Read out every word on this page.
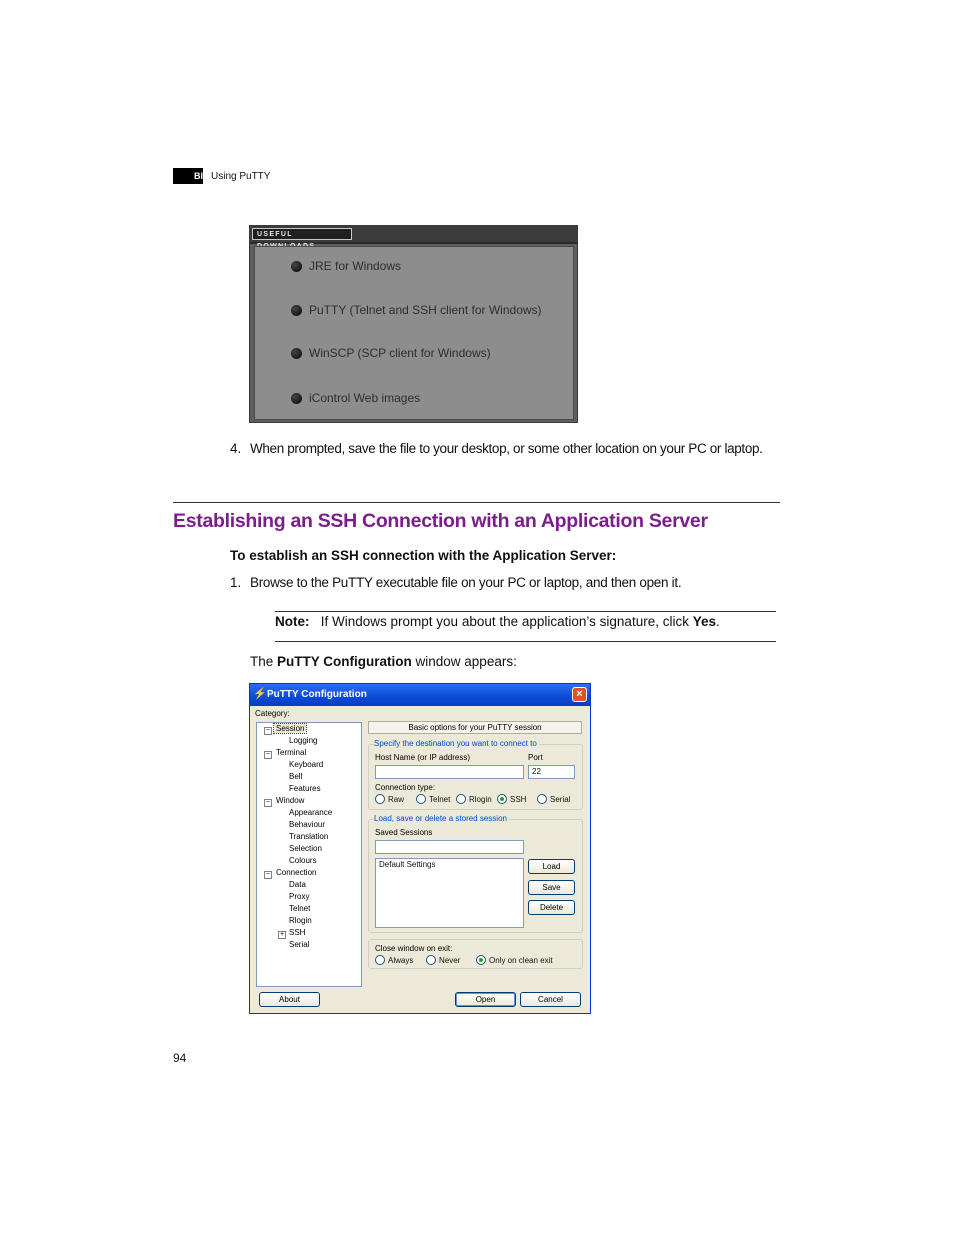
BI Using PuTTY
USEFUL
JRE for Windows
PuTTY (Telnet and SSH client for Windows)
WinSCP (SCP client for Windows)
iControl Web images
4. When prompted, save the file to your desktop, or some other location on your PC or laptop.
Establishing an SSH Connection with an Application Server
To establish an SSH connection with the Application Server:
1. Browse to the PuTTY executable file on your PC or laptop, and then open it.
Note: If Windows prompt you about the application’s signature, click Yes.
The PuTTY Configuration window appears:
⚡ PuTTY Configuration	×
Category:
− Session
Logging
− Terminal
Keyboard
Bell
Features
− Window
Appearance
Behaviour
Translation
Selection
Colours
− Connection
Data
Proxy
Telnet
Rlogin
+ SSH
Serial
Basic options for your PuTTY session
Specify the destination you want to connect to
Host Name (or IP address)	Port
22
Connection type:
Raw	Telnet Rlogin SSH	Serial
Load, save or delete a stored session
Saved Sessions
Default Settings	Load
Save
Delete
Close window on exit:
Always	Never	Only on clean exit
About	Open	Cancel
94
